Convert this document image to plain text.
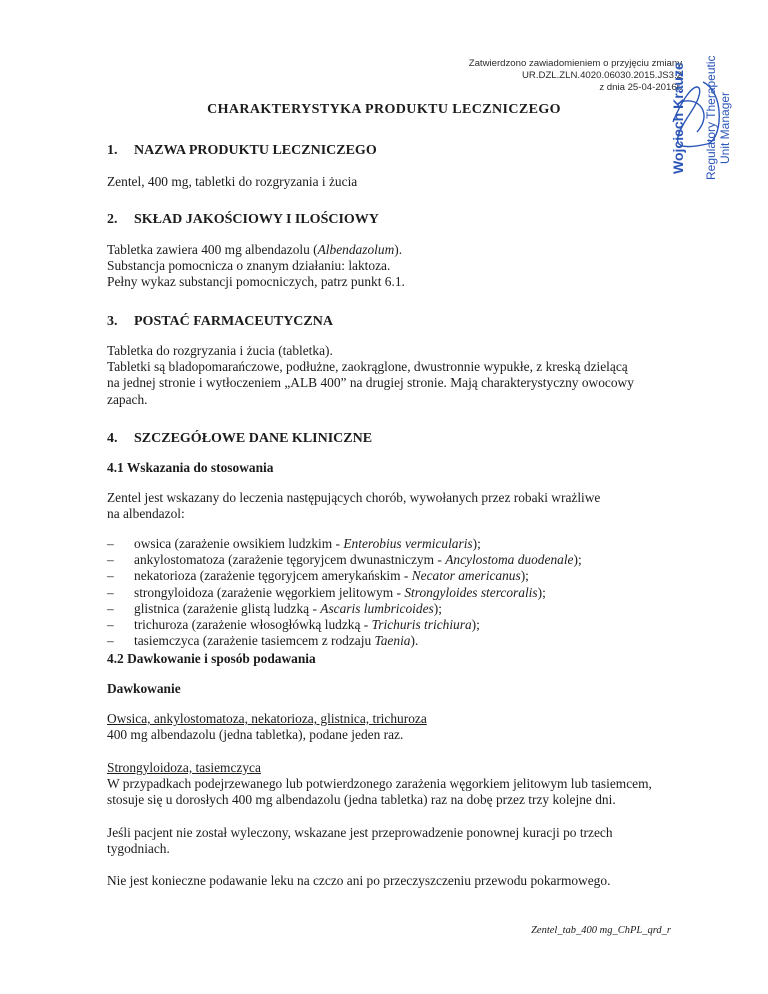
Zatwierdzono zawiadomieniem o przyjęciu zmiany
UR.DZL.ZLN.4020.06030.2015.JS3.2
z dnia 25-04-2016r.
Wojciech Krauze Regulatory Therapeutic Unit Manager
CHARAKTERYSTYKA PRODUKTU LECZNICZEGO
1. NAZWA PRODUKTU LECZNICZEGO
Zentel, 400 mg, tabletki do rozgryzania i żucia
2. SKŁAD JAKOŚCIOWY I ILOŚCIOWY

Tabletka zawiera 400 mg albendazolu (Albendazolum).

Substancja pomocnicza o znanym działaniu: laktoza.

Pełny wykaz substancji pomocniczych, patrz punkt 6.1.

3. POSTAĆ FARMACEUTYCZNA

Tabletka do rozgryzania i żucia (tabletka).

Tabletki są bladopomarańczowe, podłużne, zaokrąglone, dwustronnie wypukłe, z kreską dzielącą

na jednej stronie i wytłoczeniem „ALB 400” na drugiej stronie. Mają charakterystyczny owocowy

zapach.

4. SZCZEGÓŁOWE DANE KLINICZNE
4.1 Wskazania do stosowania

Zentel jest wskazany do leczenia następujących chorób, wywołanych przez robaki wrażliwe

na albendazol:

– owsica (zarażenie owsikiem ludzkim - Enterobius vermicularis);
– ankylostomatoza (zarażenie tęgoryjcem dwunastniczym - Ancylostoma duodenale);
– nekatorioza (zarażenie tęgoryjcem amerykańskim - Necator americanus);
– strongyloidoza (zarażenie węgorkiem jelitowym - Strongyloides stercoralis);
– glistnica (zarażenie glistą ludzką - Ascaris lumbricoides);
– trichuroza (zarażenie włosogłówką ludzką - Trichuris trichiura);
– tasiemczyca (zarażenie tasiemcem z rodzaju Taenia).
4.2 Dawkowanie i sposób podawania
Dawkowanie

Owsica, ankylostomatoza, nekatorioza, glistnica, trichuroza

400 mg albendazolu (jedna tabletka), podane jeden raz.

Strongyloidoza, tasiemczyca

W przypadkach podejrzewanego lub potwierdzonego zarażenia węgorkiem jelitowym lub tasiemcem,

stosuje się u dorosłych 400 mg albendazolu (jedna tabletka) raz na dobę przez trzy kolejne dni.

Jeśli pacjent nie został wyleczony, wskazane jest przeprowadzenie ponownej kuracji po trzech

tygodniach.

Nie jest konieczne podawanie leku na czczo ani po przeczyszczeniu przewodu pokarmowego.
Zentel_tab_400 mg_ChPL_qrd_r
